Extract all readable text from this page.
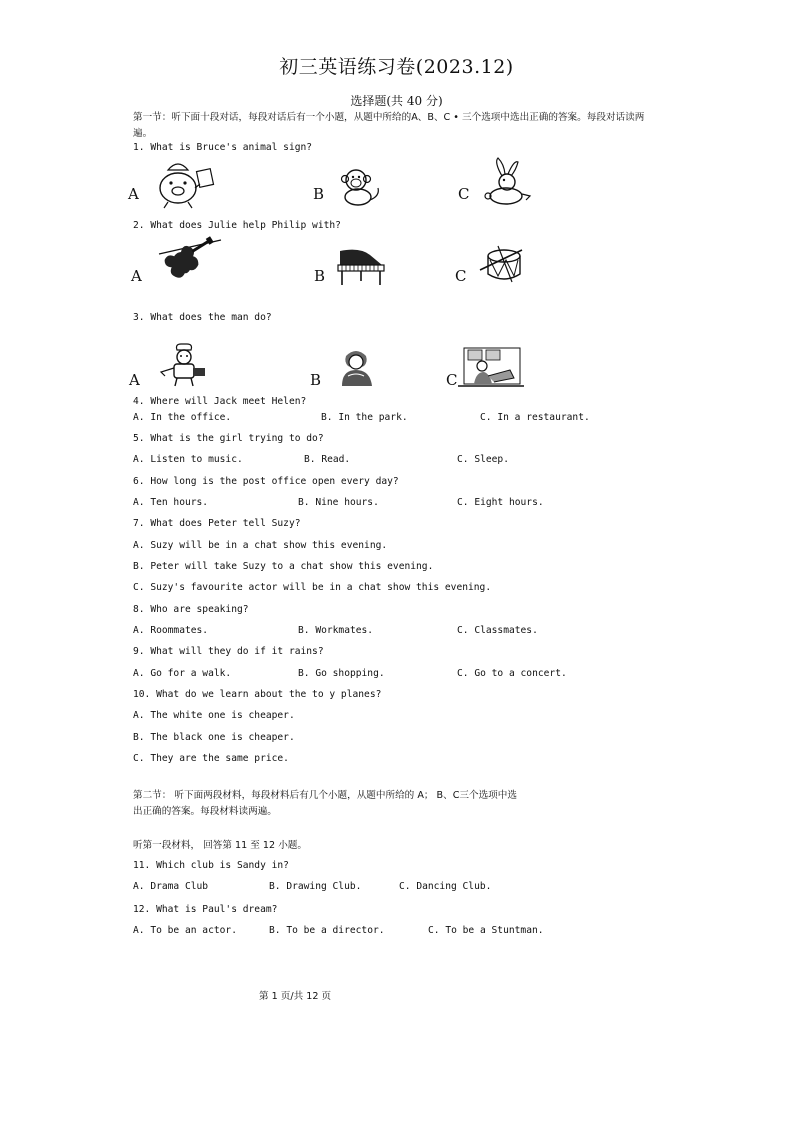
初三英语练习卷(2023.12)
选择题(共 40 分)
第一节：听下面十段对话，每段对话后有一个小题，从题中所给的A、B、C • 三个选项中选出正确的答案。每段对话读两
遍。
1. What is Bruce's animal sign?
A	B	C
2. What does Julie help Philip with?
A	B	C
3. What does the man do?
A	B	C
4. Where will Jack meet Helen?
A. In the office.	B. In the park.	C. In a restaurant.
5. What is the girl trying to do?
A. Listen to music.	B. Read.	C. Sleep.
6. How long is the post office open every day?
A. Ten hours.	B. Nine hours.	C. Eight hours.
7. What does Peter tell Suzy?
A. Suzy will be in a chat show this evening.
B. Peter will take Suzy to a chat show this evening.
C. Suzy's favourite actor will be in a chat show this evening.
8. Who are speaking?
A. Roommates.	B. Workmates.	C. Classmates.
9. What will they do if it rains?
A. Go for a walk.	B. Go shopping.	C. Go to a concert.
10. What do we learn about the to y planes?
A. The white one is cheaper.
B. The black one is cheaper.
C. They are the same price.
第二节： 听下面两段材料，每段材料后有几个小题，从题中所给的 A； B、C三个选项中选
出正确的答案。每段材料读两遍。
听第一段材料， 回答第 11 至 12 小题。
11. Which club is Sandy in?
A. Drama Club	B. Drawing Club.	C. Dancing Club.
12. What is Paul's dream?
A. To be an actor.	B. To be a director.	C. To be a Stuntman.
第 1 页/共 12 页
